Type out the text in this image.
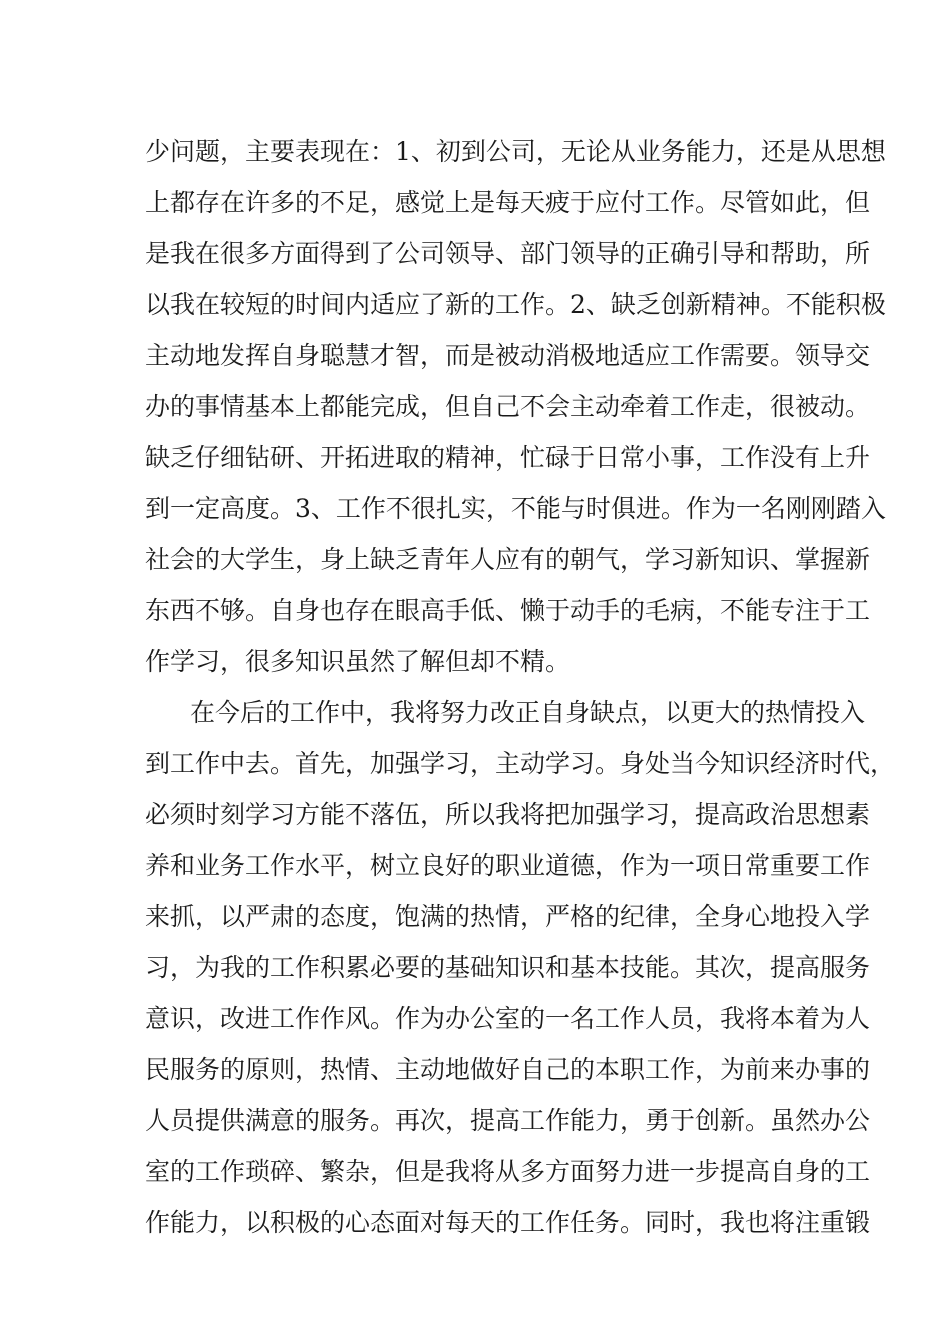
少问题，主要表现在：1、初到公司，无论从业务能力，还是从思想
上都存在许多的不足，感觉上是每天疲于应付工作。尽管如此，但
是我在很多方面得到了公司领导、部门领导的正确引导和帮助，所
以我在较短的时间内适应了新的工作。2、缺乏创新精神。不能积极
主动地发挥自身聪慧才智，而是被动消极地适应工作需要。领导交
办的事情基本上都能完成，但自己不会主动牵着工作走，很被动。
缺乏仔细钻研、开拓进取的精神，忙碌于日常小事，工作没有上升
到一定高度。3、工作不很扎实，不能与时俱进。作为一名刚刚踏入
社会的大学生，身上缺乏青年人应有的朝气，学习新知识、掌握新
东西不够。自身也存在眼高手低、懒于动手的毛病，不能专注于工
作学习，很多知识虽然了解但却不精。
在今后的工作中，我将努力改正自身缺点，以更大的热情投入
到工作中去。首先，加强学习，主动学习。身处当今知识经济时代，
必须时刻学习方能不落伍，所以我将把加强学习，提高政治思想素
养和业务工作水平，树立良好的职业道德，作为一项日常重要工作
来抓，以严肃的态度，饱满的热情，严格的纪律，全身心地投入学
习，为我的工作积累必要的基础知识和基本技能。其次，提高服务
意识，改进工作作风。作为办公室的一名工作人员，我将本着为人
民服务的原则，热情、主动地做好自己的本职工作，为前来办事的
人员提供满意的服务。再次，提高工作能力，勇于创新。虽然办公
室的工作琐碎、繁杂，但是我将从多方面努力进一步提高自身的工
作能力，以积极的心态面对每天的工作任务。同时，我也将注重锻
